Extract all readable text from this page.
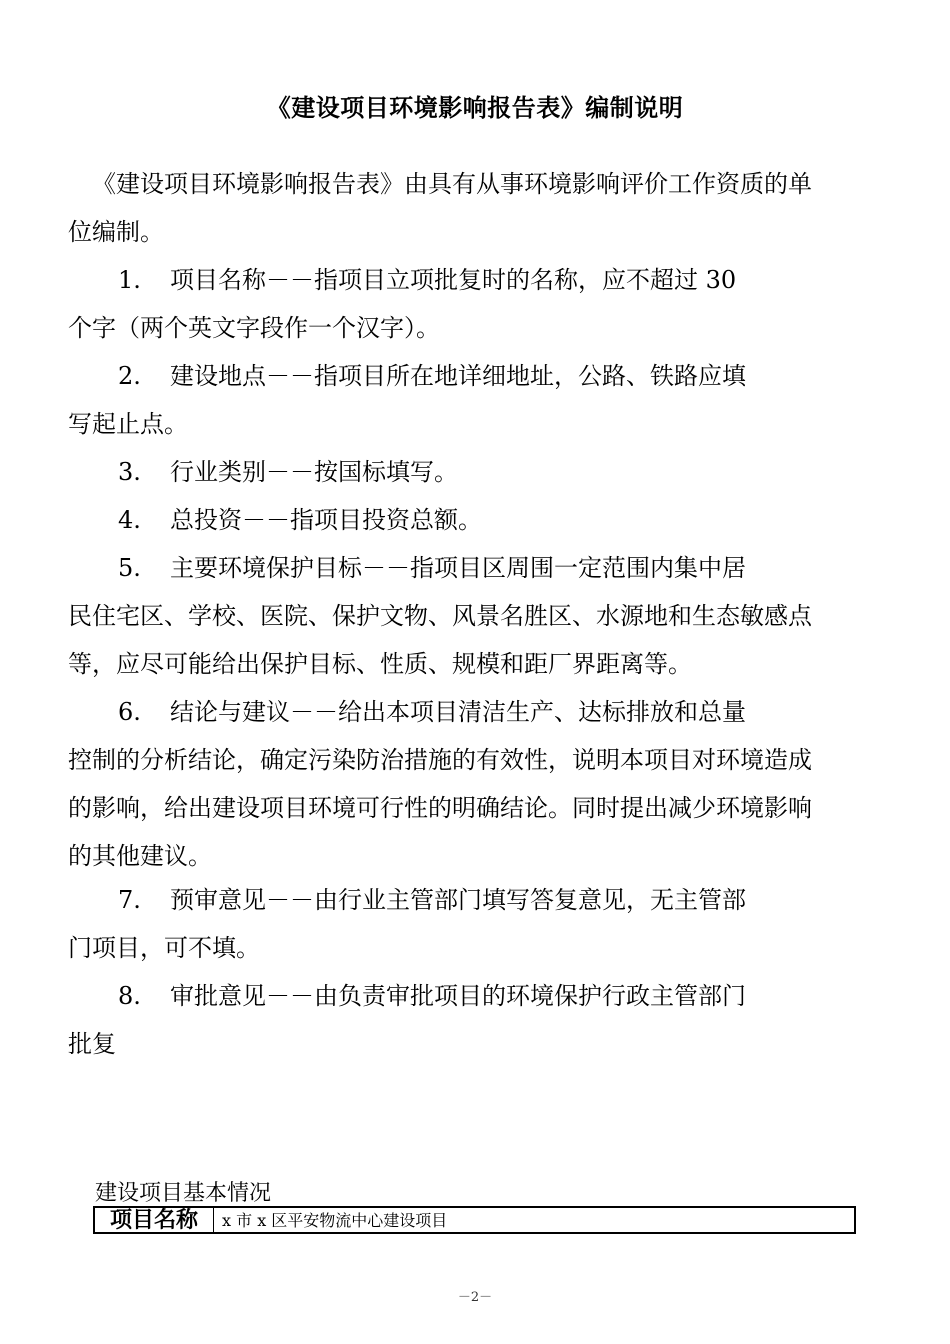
《建设项目环境影响报告表》编制说明
《建设项目环境影响报告表》由具有从事环境影响评价工作资质的单
位编制。
1.	项目名称－－指项目立项批复时的名称，应不超过 30
个字（两个英文字段作一个汉字）。
2.	建设地点－－指项目所在地详细地址，公路、铁路应填
写起止点。
3.	行业类别－－按国标填写。
4.	总投资－－指项目投资总额。
5.	主要环境保护目标－－指项目区周围一定范围内集中居
民住宅区、学校、医院、保护文物、风景名胜区、水源地和生态敏感点
等，应尽可能给出保护目标、性质、规模和距厂界距离等。
6.	结论与建议－－给出本项目清洁生产、达标排放和总量
控制的分析结论，确定污染防治措施的有效性，说明本项目对环境造成
的影响，给出建设项目环境可行性的明确结论。同时提出减少环境影响
的其他建议。
7.	预审意见－－由行业主管部门填写答复意见，无主管部
门项目，可不填。
8.	审批意见－－由负责审批项目的环境保护行政主管部门
批复
建设项目基本情况
项目名称	x 市 x 区平安物流中心建设项目
－2－
